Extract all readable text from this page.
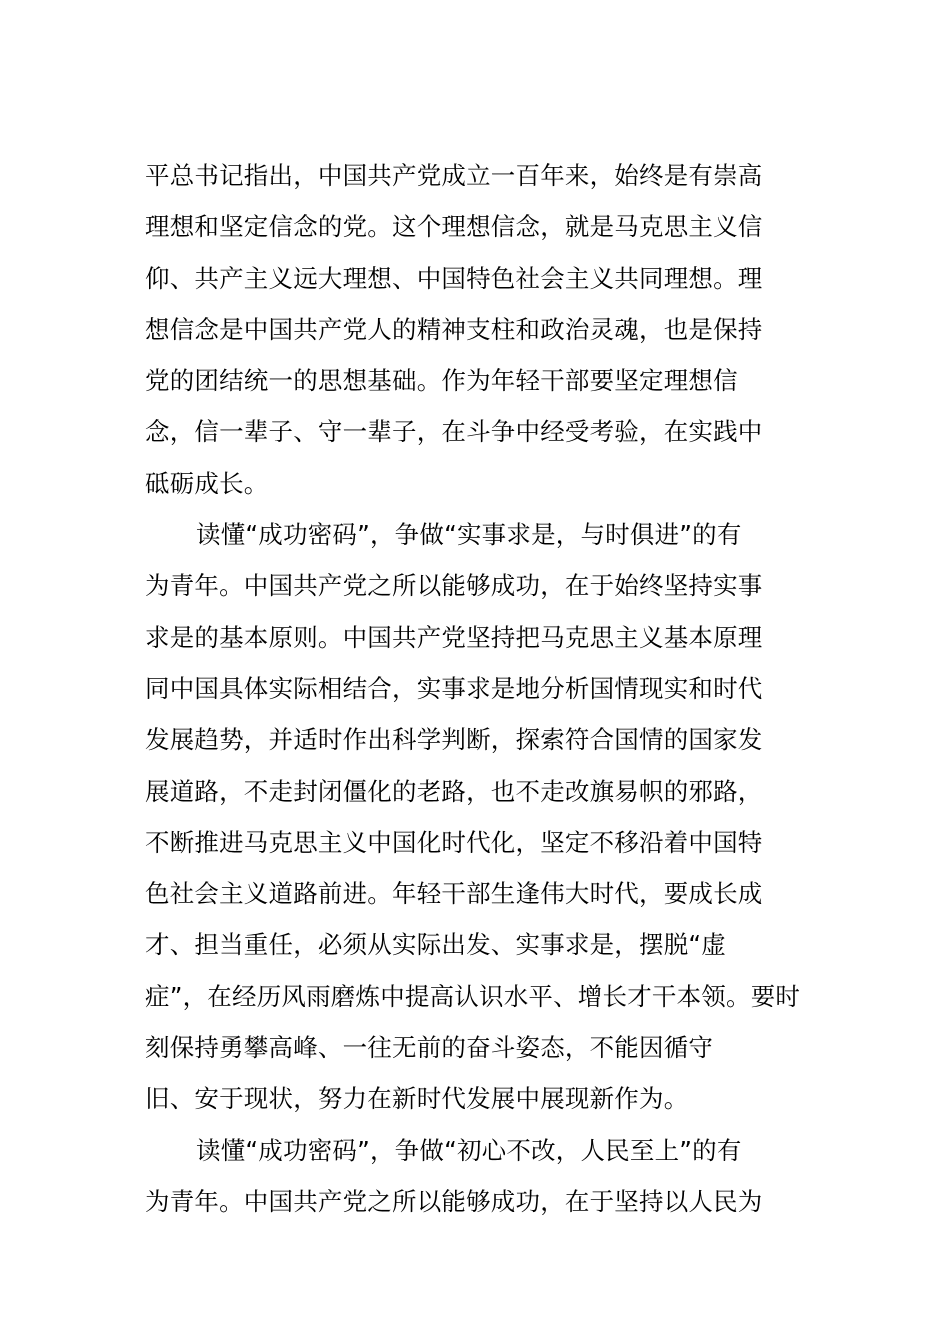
平总书记指出，中国共产党成立一百年来，始终是有崇高
理想和坚定信念的党。这个理想信念，就是马克思主义信
仰、共产主义远大理想、中国特色社会主义共同理想。理
想信念是中国共产党人的精神支柱和政治灵魂，也是保持
党的团结统一的思想基础。作为年轻干部要坚定理想信
念，信一辈子、守一辈子，在斗争中经受考验，在实践中
砥砺成长。
读懂“成功密码”，争做“实事求是，与时俱进”的有
为青年。中国共产党之所以能够成功，在于始终坚持实事
求是的基本原则。中国共产党坚持把马克思主义基本原理
同中国具体实际相结合，实事求是地分析国情现实和时代
发展趋势，并适时作出科学判断，探索符合国情的国家发
展道路，不走封闭僵化的老路，也不走改旗易帜的邪路，
不断推进马克思主义中国化时代化，坚定不移沿着中国特
色社会主义道路前进。年轻干部生逢伟大时代，要成长成
才、担当重任，必须从实际出发、实事求是，摆脱“虚
症”，在经历风雨磨炼中提高认识水平、增长才干本领。要时
刻保持勇攀高峰、一往无前的奋斗姿态，不能因循守
旧、安于现状，努力在新时代发展中展现新作为。
读懂“成功密码”，争做“初心不改，人民至上”的有
为青年。中国共产党之所以能够成功，在于坚持以人民为
